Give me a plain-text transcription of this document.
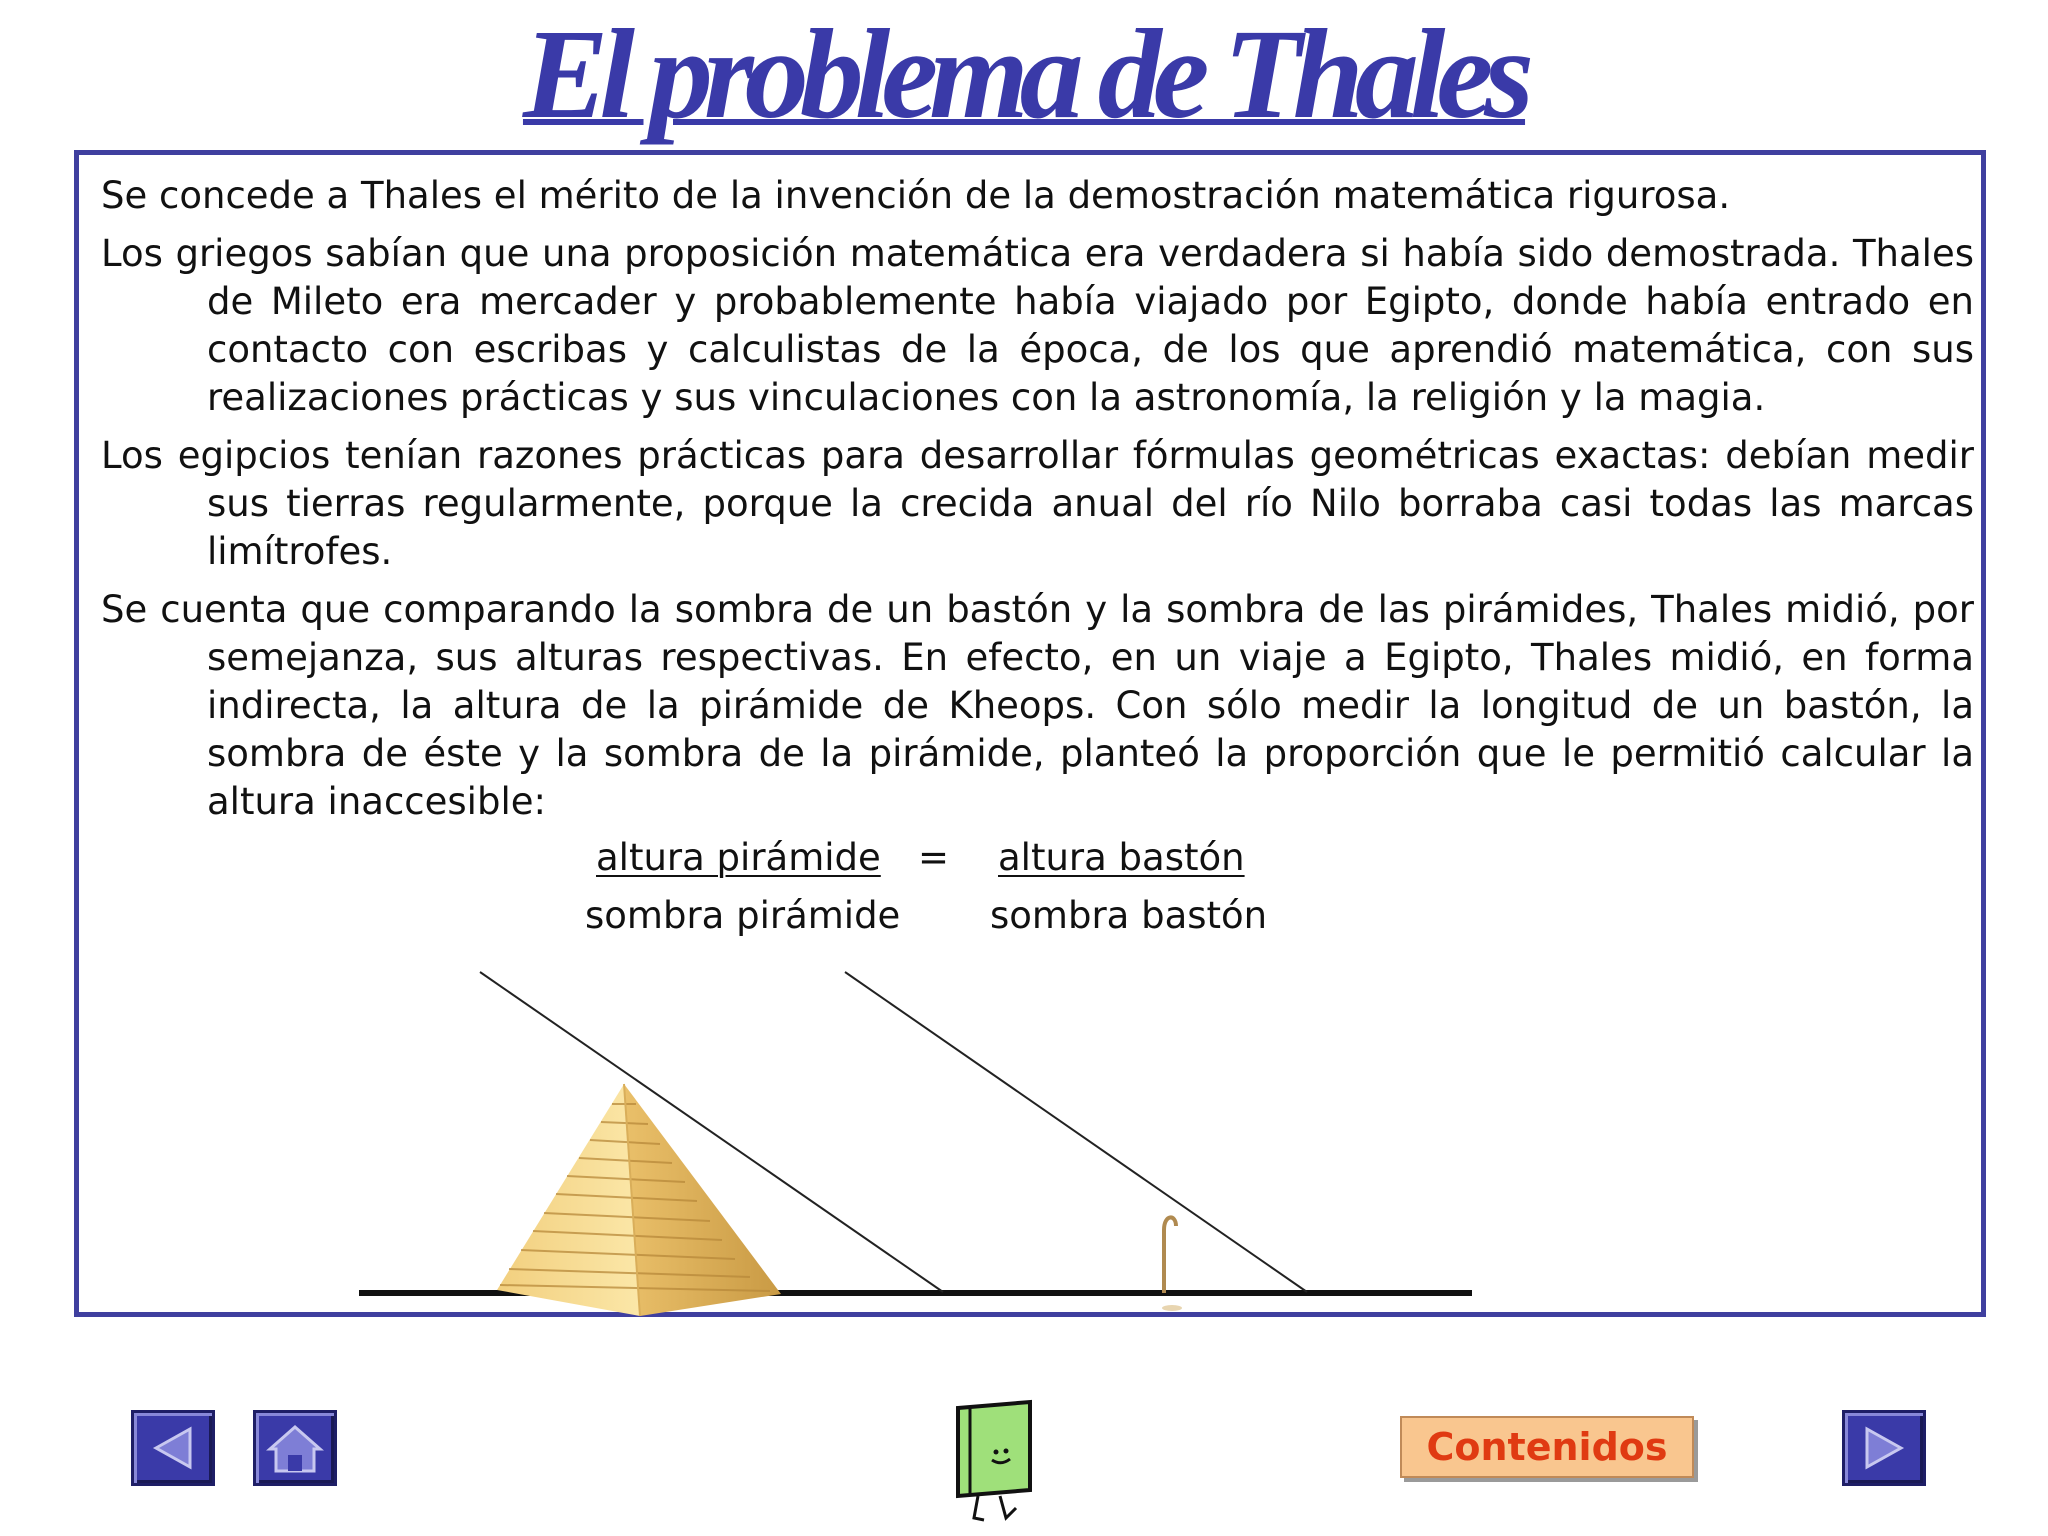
El problema de Thales

Se concede a Thales el mérito de la invención de la demostración matemática rigurosa.

Los griegos sabían que una proposición matemática era verdadera si había sido demostrada. Thales de Mileto era mercader y probablemente había viajado por Egipto, donde había entrado en contacto con escribas y calculistas de la época, de los que aprendió matemática, con sus realizaciones prácticas y sus vinculaciones con la astronomía, la religión y la magia.

Los egipcios tenían razones prácticas para desarrollar fórmulas geométricas exactas: debían medir sus tierras regularmente, porque la crecida anual del río Nilo borraba casi todas las marcas limítrofes.

Se cuenta que comparando la sombra de un bastón y la sombra de las pirámides, Thales midió, por semejanza, sus alturas respectivas. En efecto, en un viaje a Egipto, Thales midió, en forma indirecta, la altura de la pirámide de Kheops. Con sólo medir la longitud de un bastón, la sombra de éste y la sombra de la pirámide, planteó la proporción que le permitió calcular la altura inaccesible:

altura pirámide
sombra pirámide
= altura bastón
sombra bastón
Contenidos
